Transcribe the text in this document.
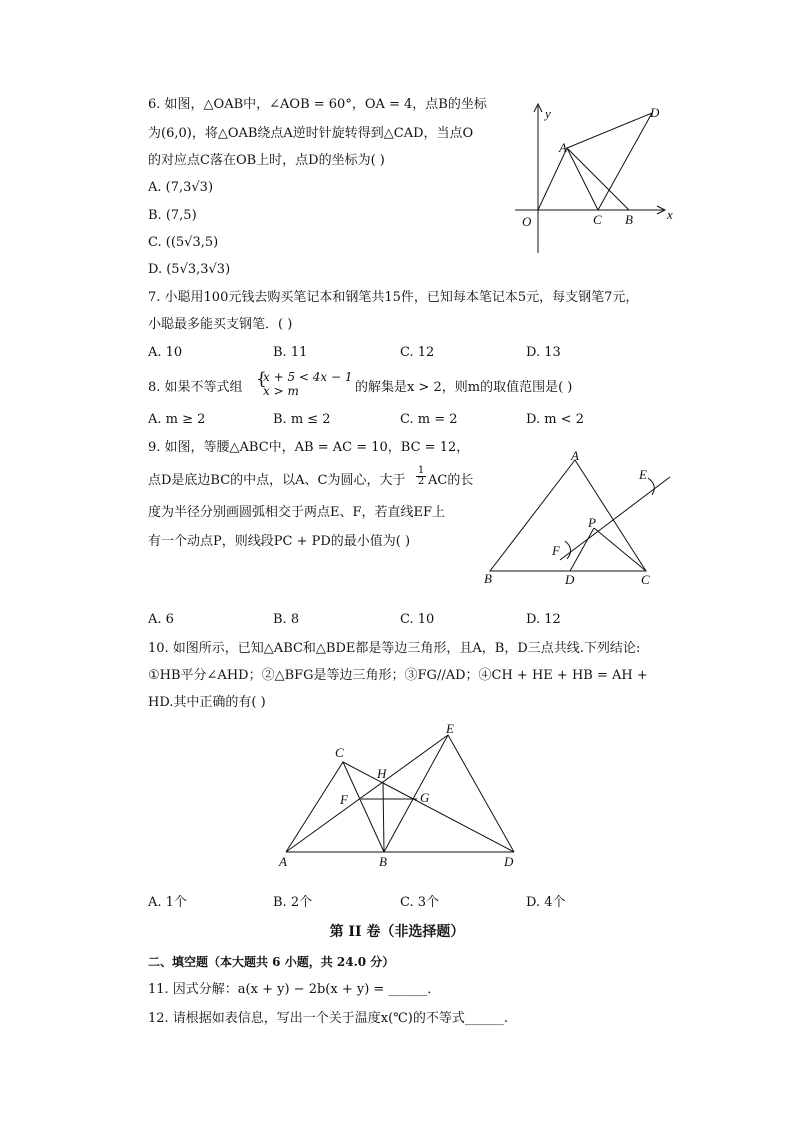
6. 如图，△OAB中，∠AOB = 60°，OA = 4，点B的坐标
为(6,0)，将△OAB绕点A逆时针旋转得到△CAD，当点O
的对应点C落在OB上时，点D的坐标为( )
A. (7,3√3)
B. (7,5)
C. ((5√3,5)
D. (5√3,3√3)
y
x
O
A
C B
D
7. 小聪用100元钱去购买笔记本和钢笔共15件，已知每本笔记本5元，每支钢笔7元，
小聪最多能买支钢笔．( )
A. 10	B. 11	C. 12	D. 13
8. 如果不等式组 {
x + 5 < 4x − 1
x > m	的解集是x > 2，则m的取值范围是( )
A. m ≥ 2	B. m ≤ 2	C. m = 2	D. m < 2
9. 如图，等腰△ABC中，AB = AC = 10，BC = 12，
点D是底边BC的中点，以A、C为圆心，大于 $\frac{1}{2}$ AC的长
度为半径分别画圆弧相交于两点E、F，若直线EF上
有一个动点P，则线段PC + PD的最小值为( )
A. 6	B. 8	C. 10	D. 12
A
E
P
F
B	D	C
10. 如图所示，已知△ABC和△BDE都是等边三角形，且A，B，D三点共线.下列结论:
①HB平分∠AHD；②△BFG是等边三角形；③FG//AD；④CH + HE + HB = AH +
HD.其中正确的有( )
C
E
H
F	G
A	B	D
A. 1个	B. 2个	C. 3个	D. 4个
第 II 卷（非选择题）
二、填空题（本大题共 6 小题，共 24.0 分）
11. 因式分解：a(x + y) − 2b(x + y) = ______．
12. 请根据如表信息，写出一个关于温度x(℃)的不等式______.
